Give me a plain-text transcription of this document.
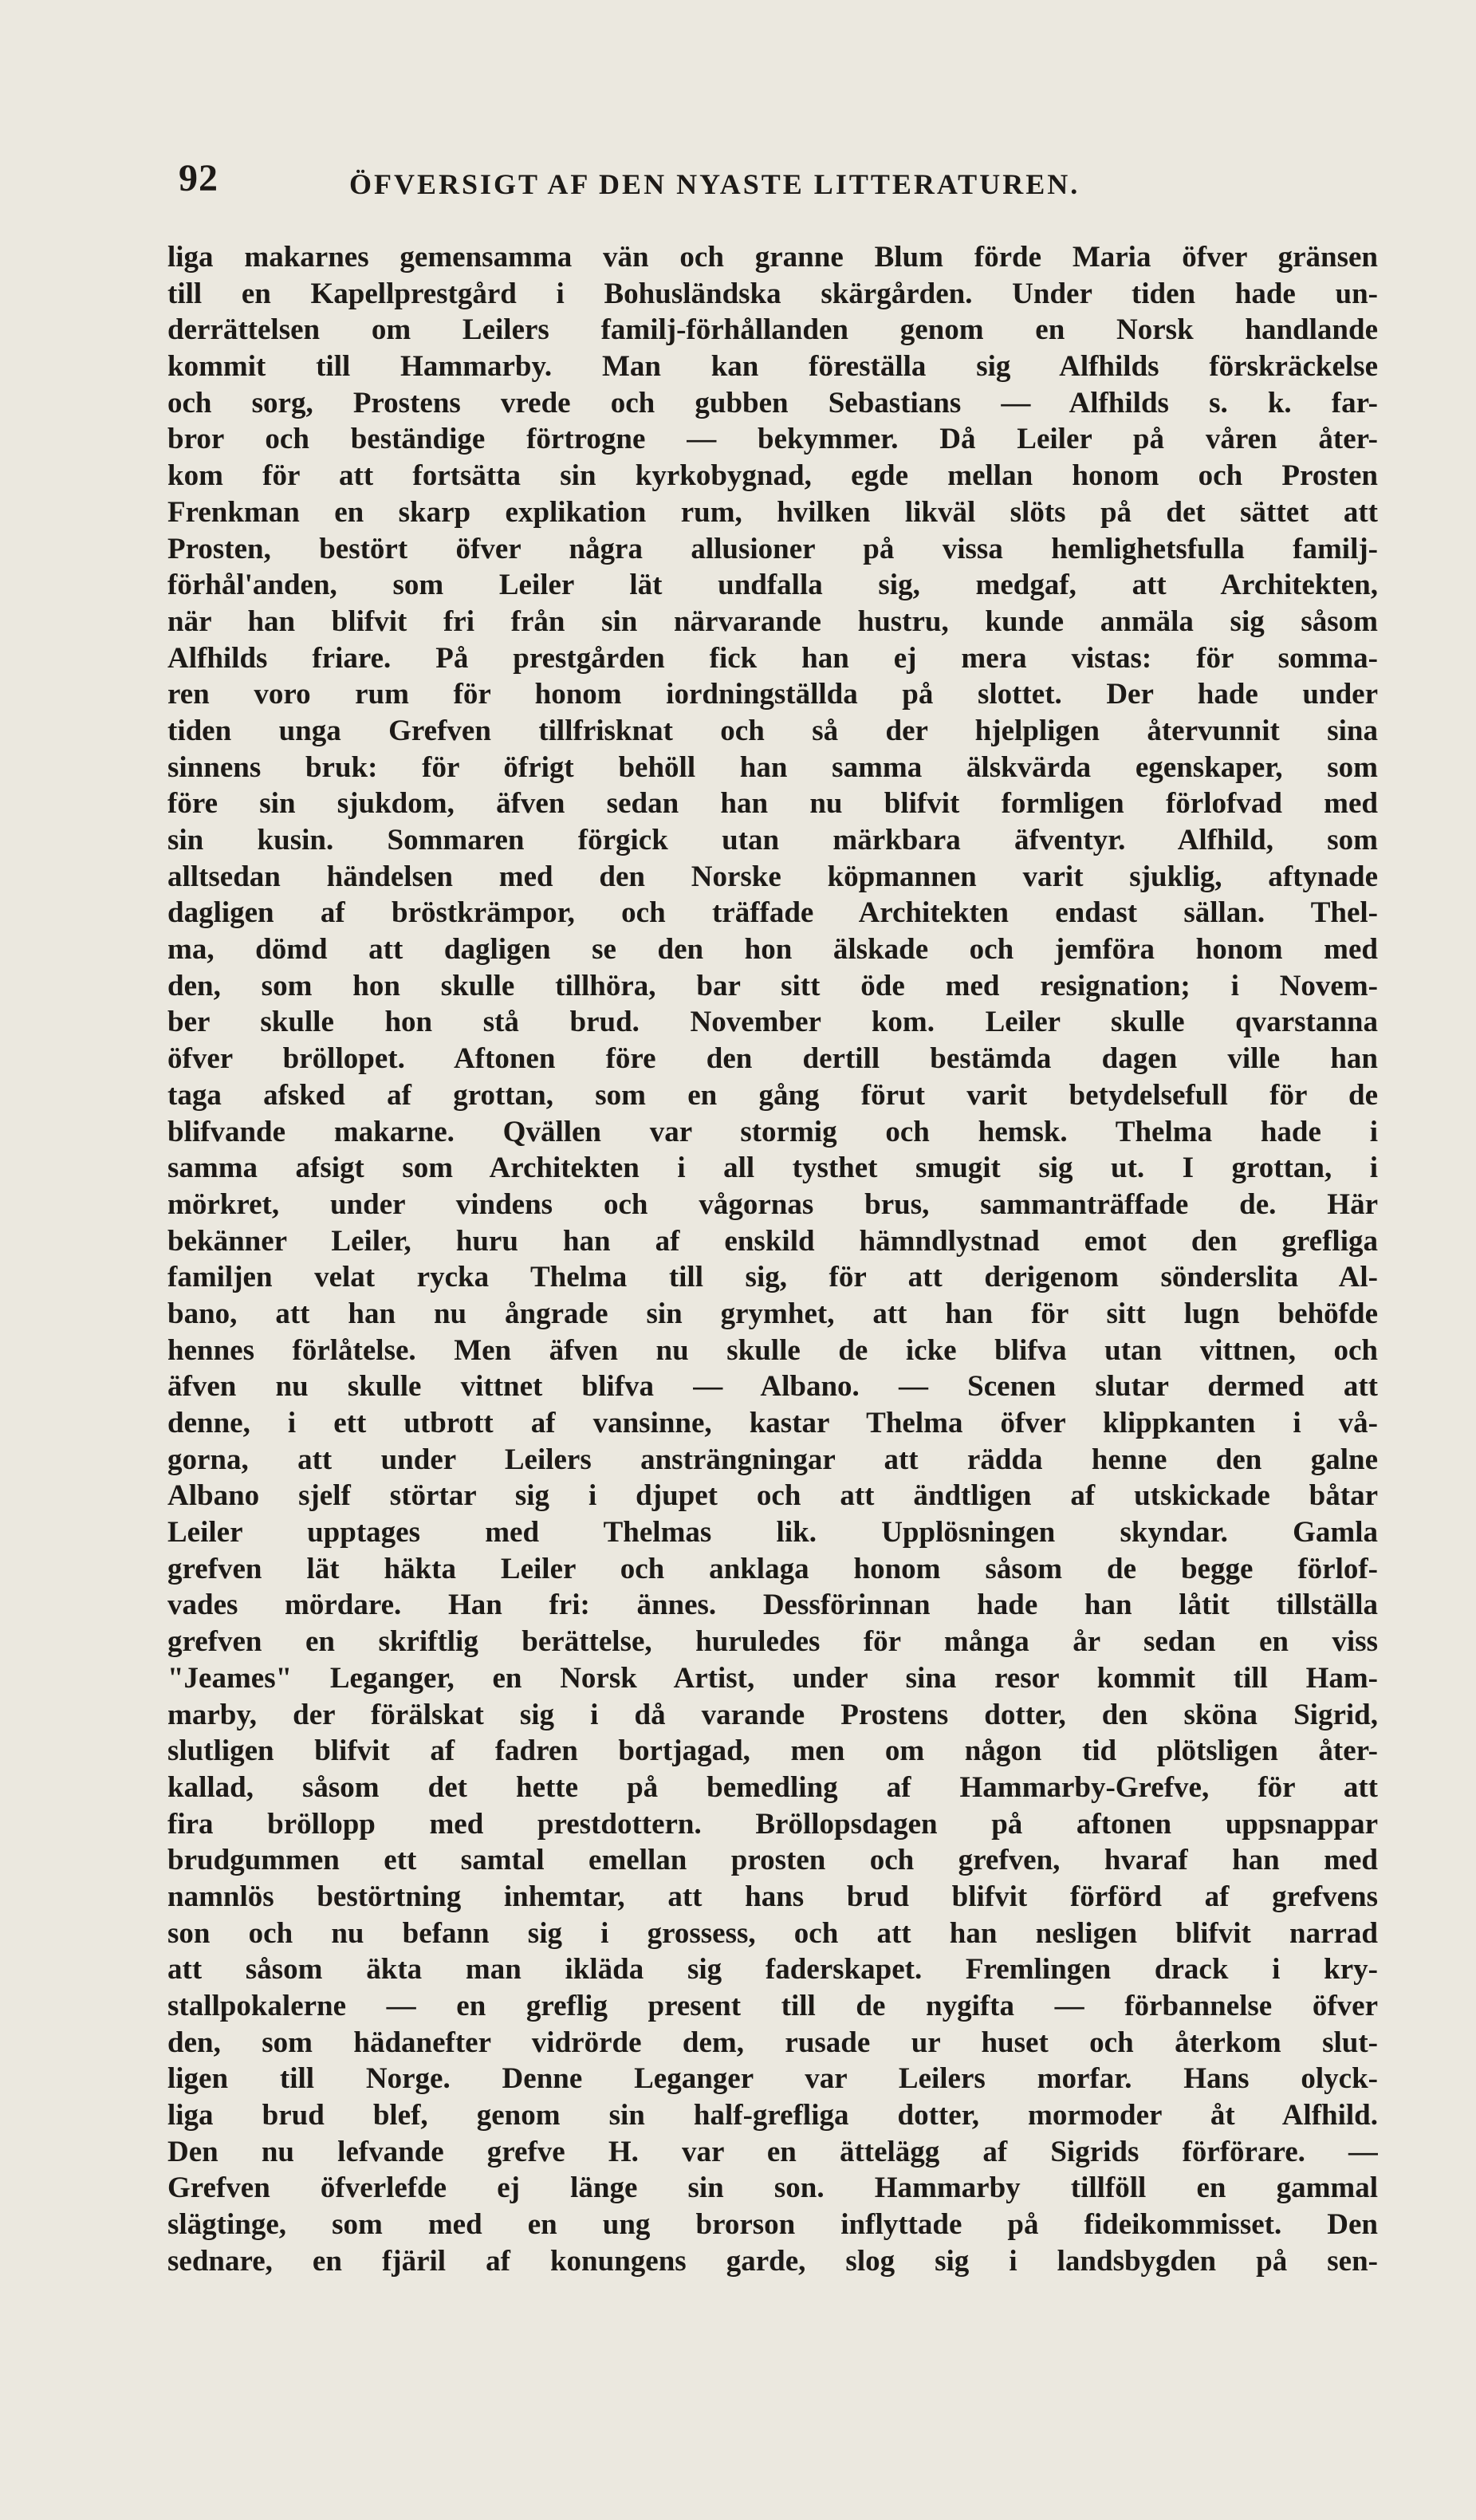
92	ÖFVERSIGT AF DEN NYASTE LITTERATUREN.
liga makarnes gemensamma vän och granne Blum förde Maria öfver gränsen
till en Kapellprestgård i Bohusländska skärgården. Under tiden hade un-
derrättelsen om Leilers familj-förhållanden genom en Norsk handlande
kommit till Hammarby. Man kan föreställa sig Alfhilds förskräckelse
och sorg, Prostens vrede och gubben Sebastians — Alfhilds s. k. far-
bror och beständige förtrogne — bekymmer. Då Leiler på våren åter-
kom för att fortsätta sin kyrkobygnad, egde mellan honom och Prosten
Frenkman en skarp explikation rum, hvilken likväl slöts på det sättet att
Prosten, bestört öfver några allusioner på vissa hemlighetsfulla familj-
förhål'anden, som Leiler lät undfalla sig, medgaf, att Architekten,
när han blifvit fri från sin närvarande hustru, kunde anmäla sig såsom
Alfhilds friare. På prestgården fick han ej mera vistas: för somma-
ren voro rum för honom iordningställda på slottet. Der hade under
tiden unga Grefven tillfrisknat och så der hjelpligen återvunnit sina
sinnens bruk: för öfrigt behöll han samma älskvärda egenskaper, som
före sin sjukdom, äfven sedan han nu blifvit formligen förlofvad med
sin kusin. Sommaren förgick utan märkbara äfventyr. Alfhild, som
alltsedan händelsen med den Norske köpmannen varit sjuklig, aftynade
dagligen af bröstkrämpor, och träffade Architekten endast sällan. Thel-
ma, dömd att dagligen se den hon älskade och jemföra honom med
den, som hon skulle tillhöra, bar sitt öde med resignation; i Novem-
ber skulle hon stå brud. November kom. Leiler skulle qvarstanna
öfver bröllopet. Aftonen före den dertill bestämda dagen ville han
taga afsked af grottan, som en gång förut varit betydelsefull för de
blifvande makarne. Qvällen var stormig och hemsk. Thelma hade i
samma afsigt som Architekten i all tysthet smugit sig ut. I grottan, i
mörkret, under vindens och vågornas brus, sammanträffade de. Här
bekänner Leiler, huru han af enskild hämndlystnad emot den grefliga
familjen velat rycka Thelma till sig, för att derigenom sönderslita Al-
bano, att han nu ångrade sin grymhet, att han för sitt lugn behöfde
hennes förlåtelse. Men äfven nu skulle de icke blifva utan vittnen, och
äfven nu skulle vittnet blifva — Albano. — Scenen slutar dermed att
denne, i ett utbrott af vansinne, kastar Thelma öfver klippkanten i vå-
gorna, att under Leilers ansträngningar att rädda henne den galne
Albano sjelf störtar sig i djupet och att ändtligen af utskickade båtar
Leiler upptages med Thelmas lik. Upplösningen skyndar. Gamla
grefven lät häkta Leiler och anklaga honom såsom de begge förlof-
vades mördare. Han fri: ännes. Dessförinnan hade han låtit tillställa
grefven en skriftlig berättelse, huruledes för många år sedan en viss
"Jeames" Leganger, en Norsk Artist, under sina resor kommit till Ham-
marby, der förälskat sig i då varande Prostens dotter, den sköna Sigrid,
slutligen blifvit af fadren bortjagad, men om någon tid plötsligen åter-
kallad, såsom det hette på bemedling af Hammarby-Grefve, för att
fira bröllopp med prestdottern. Bröllopsdagen på aftonen uppsnappar
brudgummen ett samtal emellan prosten och grefven, hvaraf han med
namnlös bestörtning inhemtar, att hans brud blifvit förförd af grefvens
son och nu befann sig i grossess, och att han nesligen blifvit narrad
att såsom äkta man ikläda sig faderskapet. Fremlingen drack i kry-
stallpokalerne — en greflig present till de nygifta — förbannelse öfver
den, som hädanefter vidrörde dem, rusade ur huset och återkom slut-
ligen till Norge. Denne Leganger var Leilers morfar. Hans olyck-
liga brud blef, genom sin half-grefliga dotter, mormoder åt Alfhild.
Den nu lefvande grefve H. var en ättelägg af Sigrids förförare. —
Grefven öfverlefde ej länge sin son. Hammarby tillföll en gammal
slägtinge, som med en ung brorson inflyttade på fideikommisset. Den
sednare, en fjäril af konungens garde, slog sig i landsbygden på sen-
